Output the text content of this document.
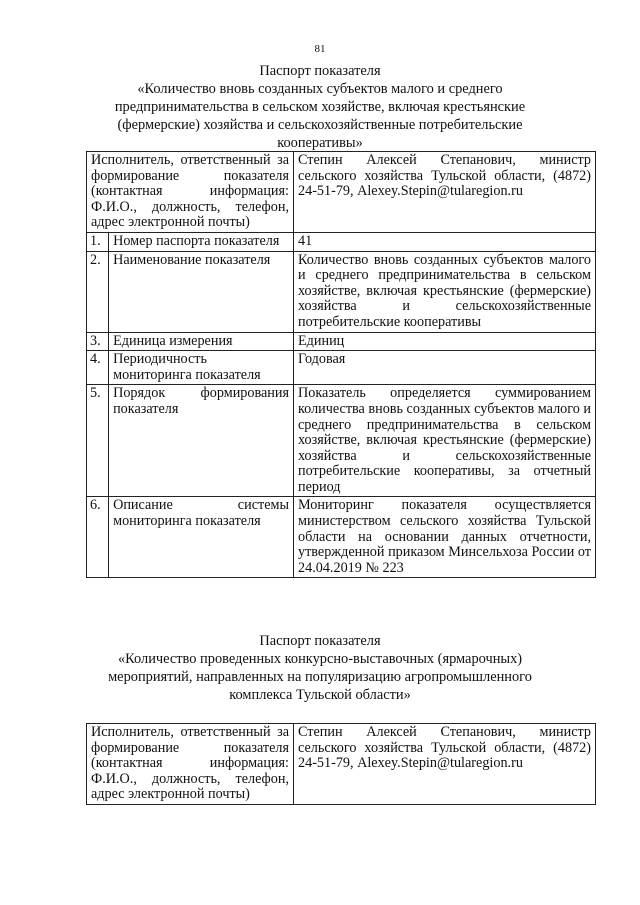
81
Паспорт показателя
«Количество вновь созданных субъектов малого и среднего
предпринимательства в сельском хозяйстве, включая крестьянские
(фермерские) хозяйства и сельскохозяйственные потребительские
кооперативы»
Исполнитель, ответственный за формирование показателя (контактная информация: Ф.И.О., должность, телефон, адрес электронной почты)		Степин Алексей Степанович, министр сельского хозяйства Тульской области, (4872) 24-51-79, Alexey.Stepin@tularegion.ru
1.	Номер паспорта показателя	41
2.	Наименование показателя	Количество вновь созданных субъектов малого и среднего предпринимательства в сельском хозяйстве, включая крестьянские (фермерские) хозяйства и сельскохозяйственные потребительские кооперативы
3.	Единица измерения	Единиц
4.	Периодичность мониторинга показателя	Годовая
5.	Порядок формирования показателя	Показатель определяется суммированием количества вновь созданных субъектов малого и среднего предпринимательства в сельском хозяйстве, включая крестьянские (фермерские) хозяйства и сельскохозяйственные потребительские кооперативы, за отчетный период
6.	Описание системы мониторинга показателя	Мониторинг показателя осуществляется министерством сельского хозяйства Тульской области на основании данных отчетности, утвержденной приказом Минсельхоза России от 24.04.2019 № 223
Паспорт показателя
«Количество проведенных конкурсно-выставочных (ярмарочных)
мероприятий, направленных на популяризацию агропромышленного
комплекса Тульской области»
Исполнитель, ответственный за формирование показателя (контактная информация: Ф.И.О., должность, телефон, адрес электронной почты)	Степин Алексей Степанович, министр сельского хозяйства Тульской области, (4872) 24-51-79, Alexey.Stepin@tularegion.ru
